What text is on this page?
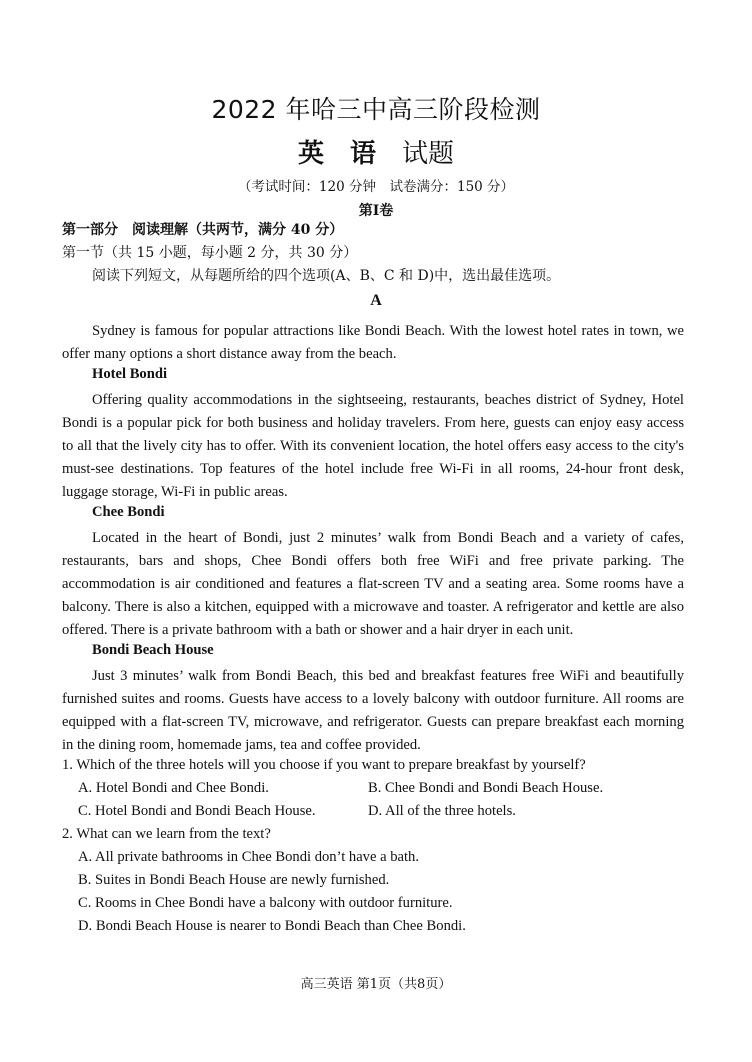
2022 年哈三中高三阶段检测
英 语 试题
（考试时间：120 分钟　试卷满分：150 分）
第Ⅰ卷
第一部分　阅读理解（共两节，满分 40 分）
第一节（共 15 小题，每小题 2 分，共 30 分）
阅读下列短文，从每题所给的四个选项(A、B、C 和 D)中，选出最佳选项。
A

Sydney is famous for popular attractions like Bondi Beach. With the lowest hotel rates in town, we offer many options a short distance away from the beach.

Hotel Bondi

Offering quality accommodations in the sightseeing, restaurants, beaches district of Sydney, Hotel Bondi is a popular pick for both business and holiday travelers. From here, guests can enjoy easy access to all that the lively city has to offer. With its convenient location, the hotel offers easy access to the city's must-see destinations. Top features of the hotel include free Wi-Fi in all rooms, 24-hour front desk, luggage storage, Wi-Fi in public areas.

Chee Bondi

Located in the heart of Bondi, just 2 minutes’ walk from Bondi Beach and a variety of cafes, restaurants, bars and shops, Chee Bondi offers both free WiFi and free private parking. The accommodation is air conditioned and features a flat-screen TV and a seating area. Some rooms have a balcony. There is also a kitchen, equipped with a microwave and toaster. A refrigerator and kettle are also offered. There is a private bathroom with a bath or shower and a hair dryer in each unit.

Bondi Beach House

Just 3 minutes’ walk from Bondi Beach, this bed and breakfast features free WiFi and beautifully furnished suites and rooms. Guests have access to a lovely balcony with outdoor furniture. All rooms are equipped with a flat-screen TV, microwave, and refrigerator. Guests can prepare breakfast each morning in the dining room, homemade jams, tea and coffee provided.

1. Which of the three hotels will you choose if you want to prepare breakfast by yourself?
A. Hotel Bondi and Chee Bondi.	B. Chee Bondi and Bondi Beach House.
C. Hotel Bondi and Bondi Beach House.	D. All of the three hotels.
2. What can we learn from the text?
A. All private bathrooms in Chee Bondi don’t have a bath.
B. Suites in Bondi Beach House are newly furnished.
C. Rooms in Chee Bondi have a balcony with outdoor furniture.
D. Bondi Beach House is nearer to Bondi Beach than Chee Bondi.
高三英语 第1页（共8页）
